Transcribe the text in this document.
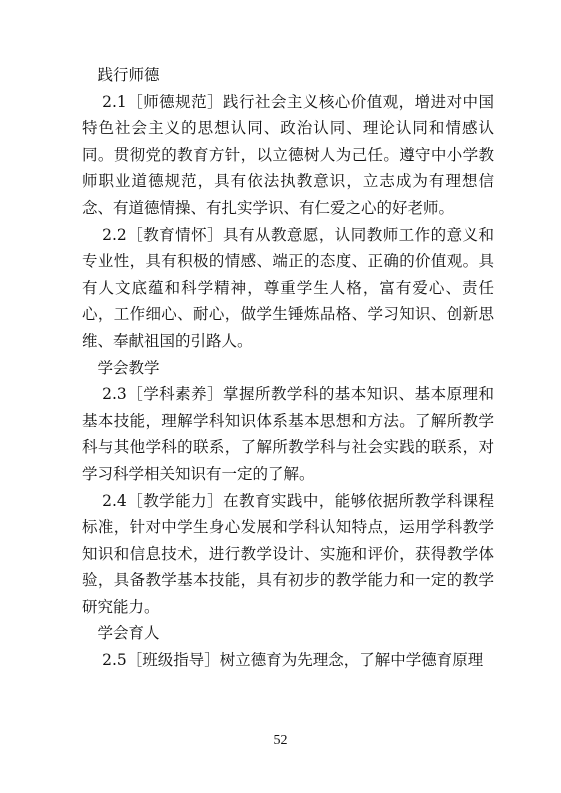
践行师德

2.1［师德规范］践行社会主义核心价值观，增进对中国特色社会主义的思想认同、政治认同、理论认同和情感认同。贯彻党的教育方针，以立德树人为己任。遵守中小学教师职业道德规范，具有依法执教意识，立志成为有理想信念、有道德情操、有扎实学识、有仁爱之心的好老师。

2.2［教育情怀］具有从教意愿，认同教师工作的意义和专业性，具有积极的情感、端正的态度、正确的价值观。具有人文底蕴和科学精神，尊重学生人格，富有爱心、责任心，工作细心、耐心，做学生锤炼品格、学习知识、创新思维、奉献祖国的引路人。

学会教学

2.3［学科素养］掌握所教学科的基本知识、基本原理和基本技能，理解学科知识体系基本思想和方法。了解所教学科与其他学科的联系，了解所教学科与社会实践的联系，对学习科学相关知识有一定的了解。

2.4［教学能力］在教育实践中，能够依据所教学科课程标准，针对中学生身心发展和学科认知特点，运用学科教学知识和信息技术，进行教学设计、实施和评价，获得教学体验，具备教学基本技能，具有初步的教学能力和一定的教学研究能力。

学会育人

2.5［班级指导］树立德育为先理念，了解中学德育原理

52
